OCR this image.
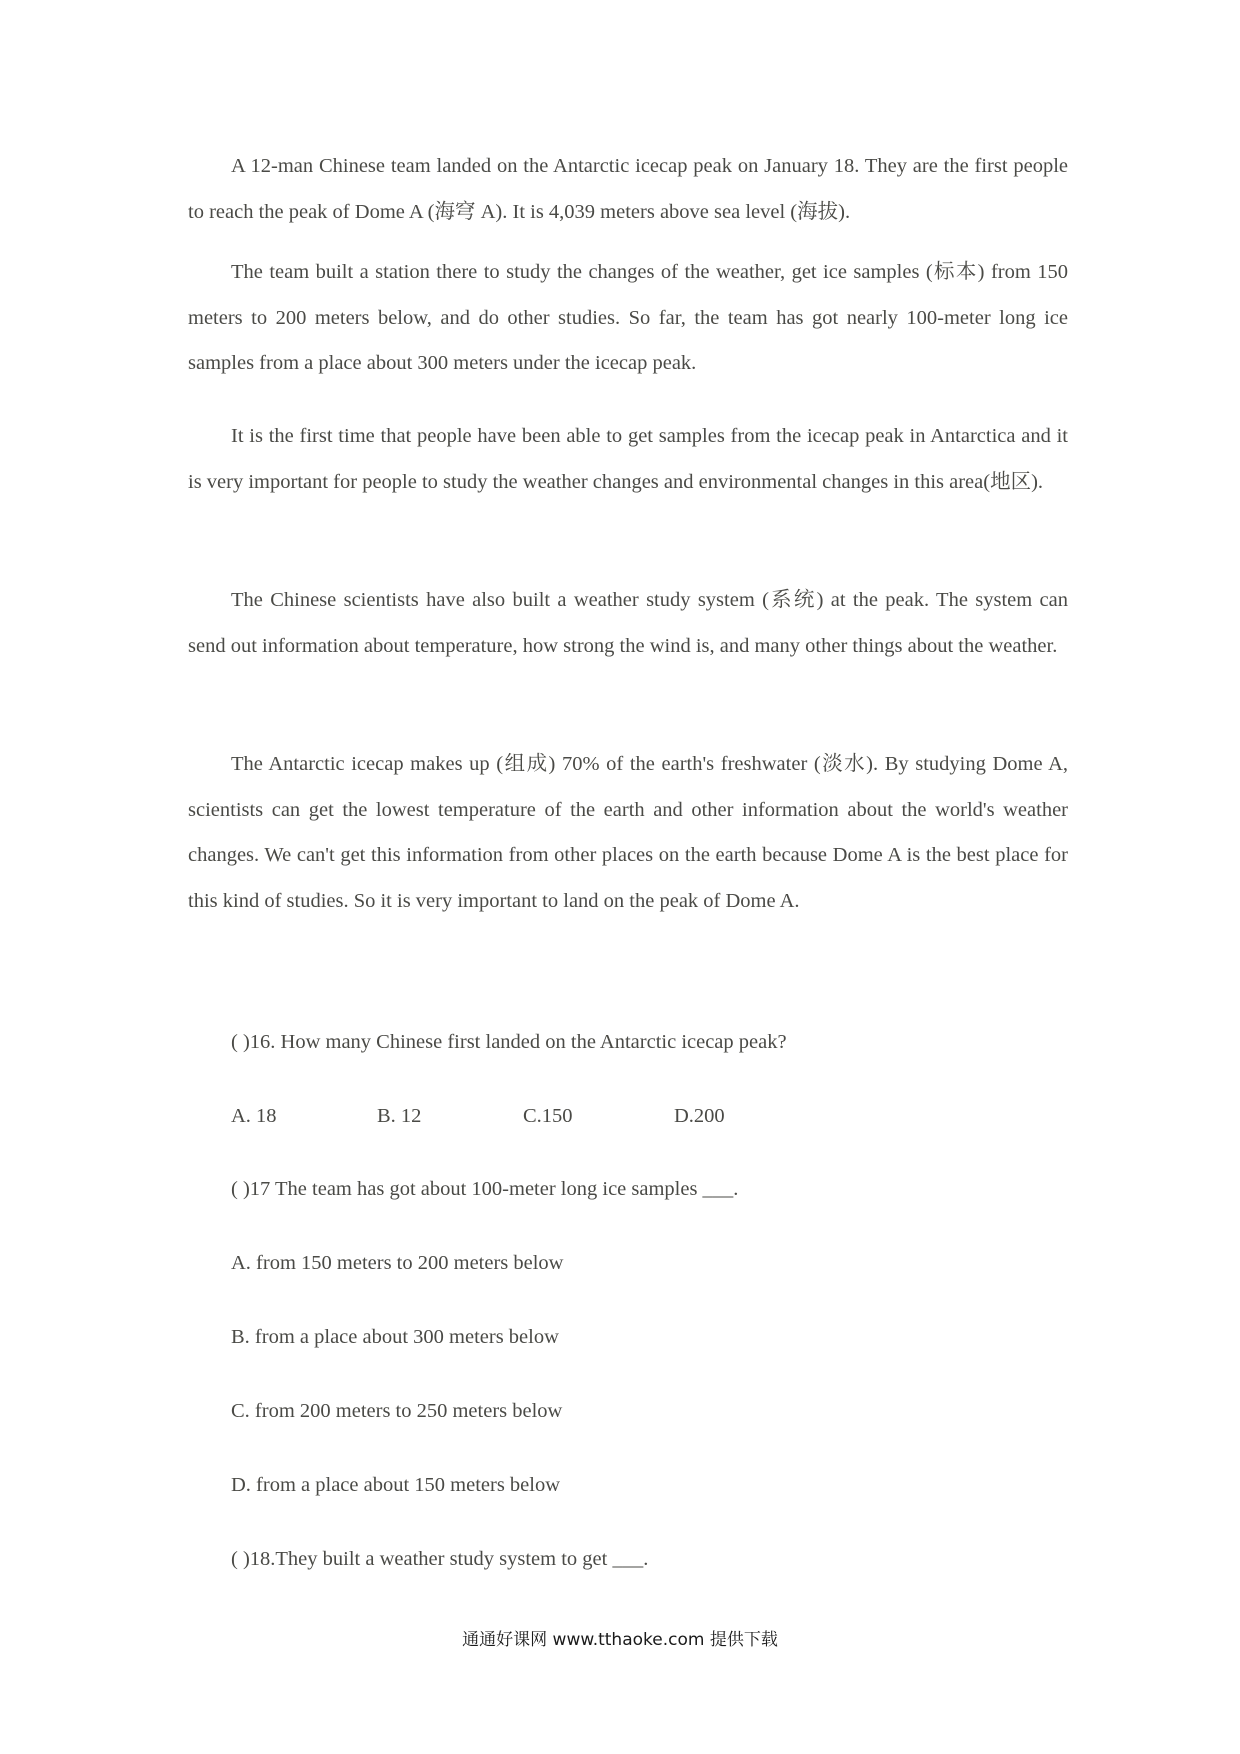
A 12-man Chinese team landed on the Antarctic icecap peak on January 18. They are the first people to reach the peak of Dome A (海穹 A). It is 4,039 meters above sea level (海拔).

The team built a station there to study the changes of the weather, get ice samples (标本) from 150 meters to 200 meters below, and do other studies. So far, the team has got nearly 100-meter long ice samples from a place about 300 meters under the icecap peak.

It is the first time that people have been able to get samples from the icecap peak in Antarctica and it is very important for people to study the weather changes and environmental changes in this area(地区).

The Chinese scientists have also built a weather study system (系统) at the peak. The system can send out information about temperature, how strong the wind is, and many other things about the weather.

The Antarctic icecap makes up (组成) 70% of the earth's freshwater (淡水). By studying Dome A, scientists can get the lowest temperature of the earth and other information about the world's weather changes. We can't get this information from other places on the earth because Dome A is the best place for this kind of studies. So it is very important to land on the peak of Dome A.

( )16. How many Chinese first landed on the Antarctic icecap peak?

A. 18	B. 12	C.150	D.200

( )17 The team has got about 100-meter long ice samples ___.

A. from 150 meters to 200 meters below

B. from a place about 300 meters below

C. from 200 meters to 250 meters below

D. from a place about 150 meters below

( )18.They built a weather study system to get ___.

通通好课网 www.tthaoke.com 提供下载
